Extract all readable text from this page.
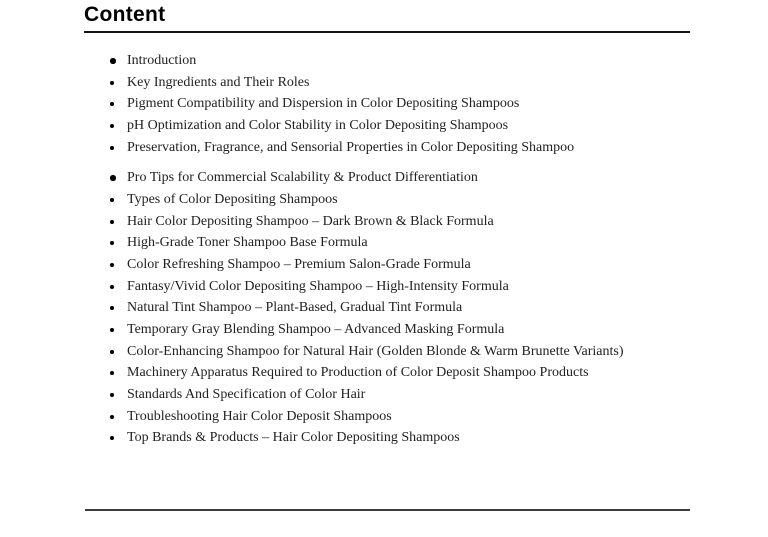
Content
Introduction
Key Ingredients and Their Roles
Pigment Compatibility and Dispersion in Color Depositing Shampoos
pH Optimization and Color Stability in Color Depositing Shampoos
Preservation, Fragrance, and Sensorial Properties in Color Depositing Shampoo
Pro Tips for Commercial Scalability & Product Differentiation
Types of Color Depositing Shampoos
Hair Color Depositing Shampoo – Dark Brown & Black Formula
High-Grade Toner Shampoo Base Formula
Color Refreshing Shampoo – Premium Salon-Grade Formula
Fantasy/Vivid Color Depositing Shampoo – High-Intensity Formula
Natural Tint Shampoo – Plant-Based, Gradual Tint Formula
Temporary Gray Blending Shampoo – Advanced Masking Formula
Color-Enhancing Shampoo for Natural Hair (Golden Blonde & Warm Brunette Variants)
Machinery Apparatus Required to Production of Color Deposit Shampoo Products
Standards And Specification of Color Hair
Troubleshooting Hair Color Deposit Shampoos
Top Brands & Products – Hair Color Depositing Shampoos
